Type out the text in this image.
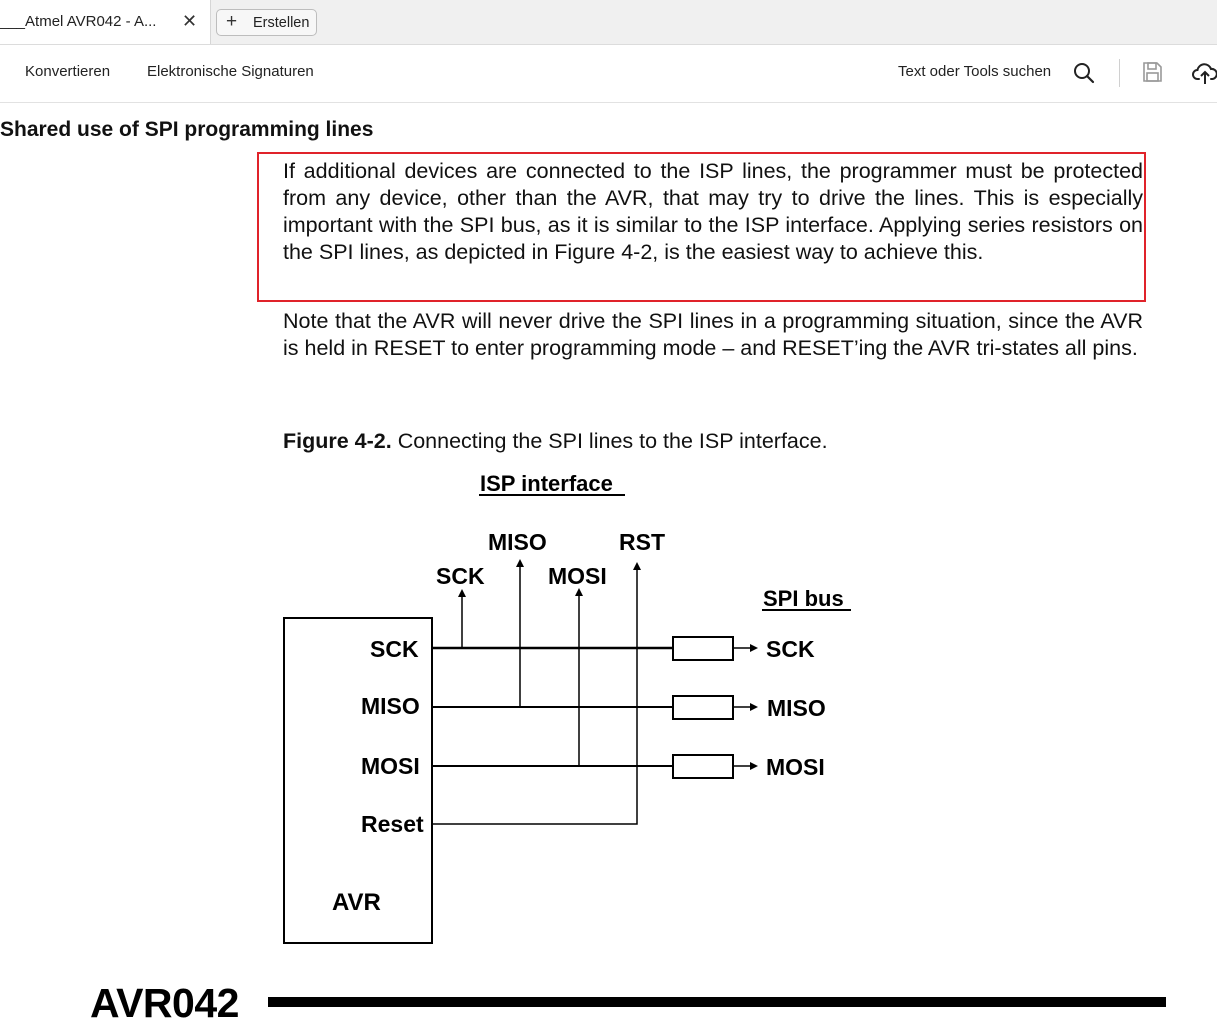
___Atmel AVR042 - A... ✕ + Erstellen
Konvertieren Elektronische Signaturen	Text oder Tools suchen
Shared use of SPI programming lines
If additional devices are connected to the ISP lines, the programmer must be protected from any device, other than the AVR, that may try to drive the lines. This is especially important with the SPI bus, as it is similar to the ISP interface. Applying series resistors on the SPI lines, as depicted in Figure 4-2, is the easiest way to achieve this.
Note that the AVR will never drive the SPI lines in a programming situation, since the AVR is held in RESET to enter programming mode – and RESET’ing the AVR tri-states all pins.
Figure 4-2. Connecting the SPI lines to the ISP interface.
ISP interface
SPI bus
SCK
MISO
MOSI
RST
SCK
MISO
MOSI
Reset
AVR
SCK
MISO
MOSI
AVR042
